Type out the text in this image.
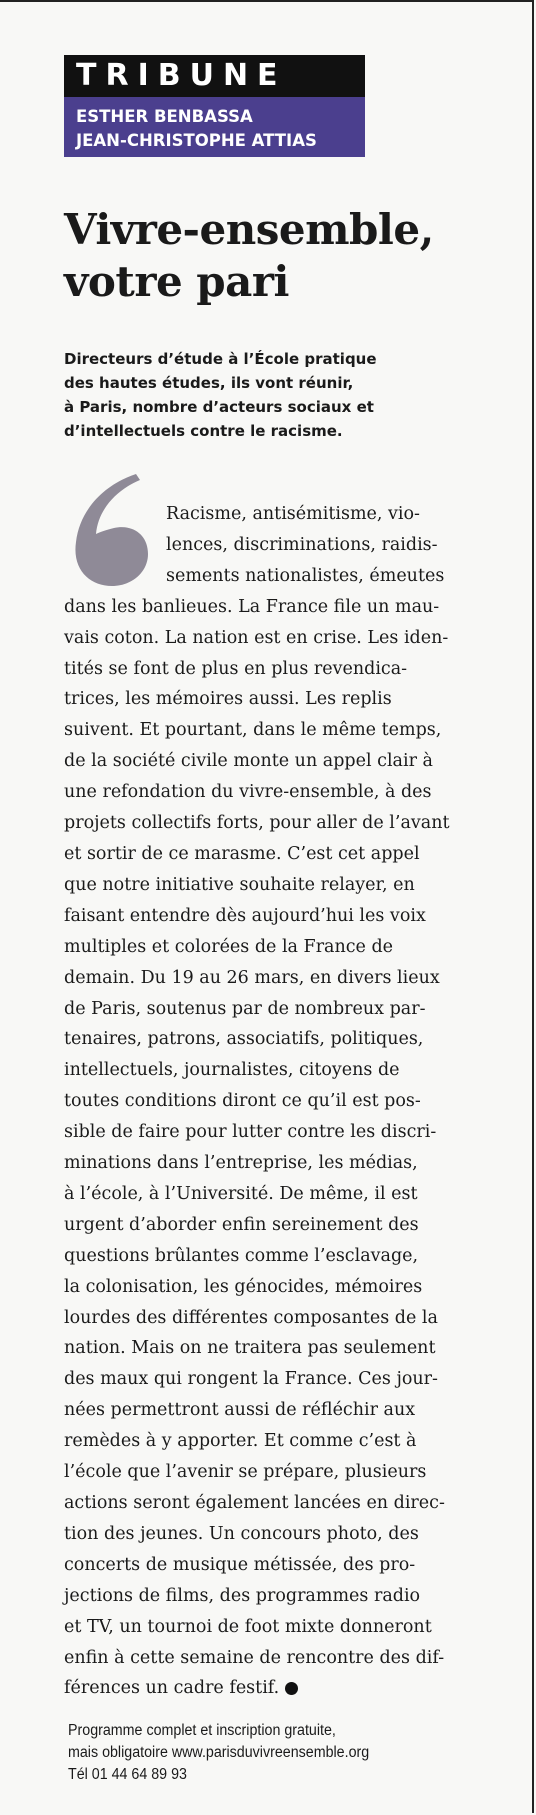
TRIBUNE
ESTHER BENBASSA
JEAN-CHRISTOPHE ATTIAS
Vivre-ensemble,
votre pari
Directeurs d’étude à l’École pratique
des hautes études, ils vont réunir,
à Paris, nombre d’acteurs sociaux et
d’intellectuels contre le racisme.
Racisme, antisémitisme, vio-
lences, discriminations, raidis-
sements nationalistes, émeutes
dans les banlieues. La France file un mau-
vais coton. La nation est en crise. Les iden-
tités se font de plus en plus revendica-
trices, les mémoires aussi. Les replis
suivent. Et pourtant, dans le même temps,
de la société civile monte un appel clair à
une refondation du vivre-ensemble, à des
projets collectifs forts, pour aller de l’avant
et sortir de ce marasme. C’est cet appel
que notre initiative souhaite relayer, en
faisant entendre dès aujourd’hui les voix
multiples et colorées de la France de
demain. Du 19 au 26 mars, en divers lieux
de Paris, soutenus par de nombreux par-
tenaires, patrons, associatifs, politiques,
intellectuels, journalistes, citoyens de
toutes conditions diront ce qu’il est pos-
sible de faire pour lutter contre les discri-
minations dans l’entreprise, les médias,
à l’école, à l’Université. De même, il est
urgent d’aborder enfin sereinement des
questions brûlantes comme l’esclavage,
la colonisation, les génocides, mémoires
lourdes des différentes composantes de la
nation. Mais on ne traitera pas seulement
des maux qui rongent la France. Ces jour-
nées permettront aussi de réfléchir aux
remèdes à y apporter. Et comme c’est à
l’école que l’avenir se prépare, plusieurs
actions seront également lancées en direc-
tion des jeunes. Un concours photo, des
concerts de musique métissée, des pro-
jections de films, des programmes radio
et TV, un tournoi de foot mixte donneront
enfin à cette semaine de rencontre des dif-
férences un cadre festif.
Programme complet et inscription gratuite,
mais obligatoire www.parisduvivreensemble.org
Tél 01 44 64 89 93
